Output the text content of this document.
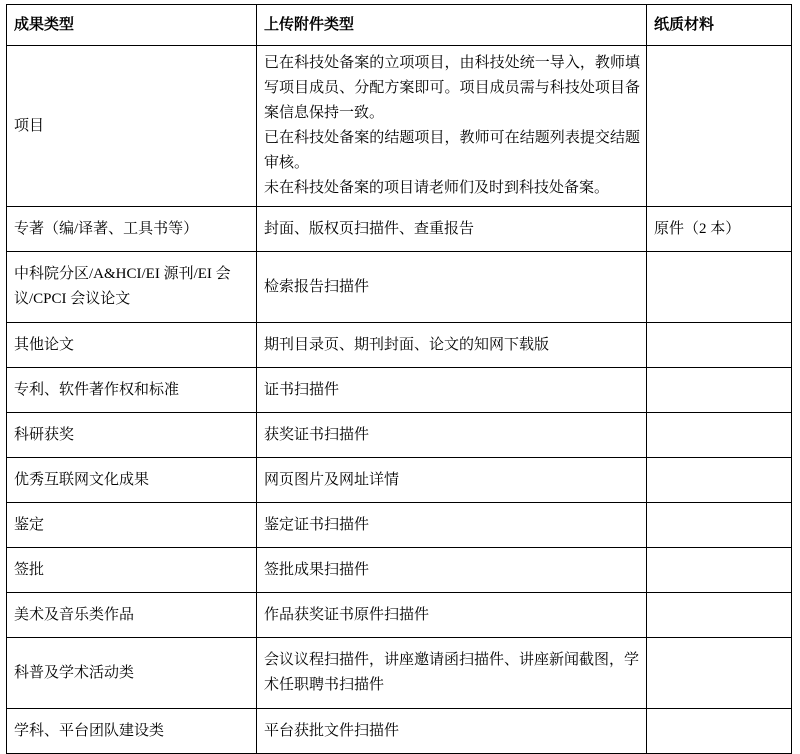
成果类型	上传附件类型	纸质材料
项目	已在科技处备案的立项项目，由科技处统一导入，教师填写项目成员、分配方案即可。项目成员需与科技处项目备案信息保持一致。

已在科技处备案的结题项目，教师可在结题列表提交结题审核。

未在科技处备案的项目请老师们及时到科技处备案。	

专著（编/译著、工具书等）	封面、版权页扫描件、查重报告	原件（2 本）
中科院分区/A&HCI/EI 源刊/EI 会议/CPCI 会议论文	检索报告扫描件	
其他论文	期刊目录页、期刊封面、论文的知网下载版	
专利、软件著作权和标准	证书扫描件	
科研获奖	获奖证书扫描件	
优秀互联网文化成果	网页图片及网址详情	
鉴定	鉴定证书扫描件	
签批	签批成果扫描件	
美术及音乐类作品	作品获奖证书原件扫描件	
科普及学术活动类	会议议程扫描件，讲座邀请函扫描件、讲座新闻截图，学术任职聘书扫描件	
学科、平台团队建设类	平台获批文件扫描件	
